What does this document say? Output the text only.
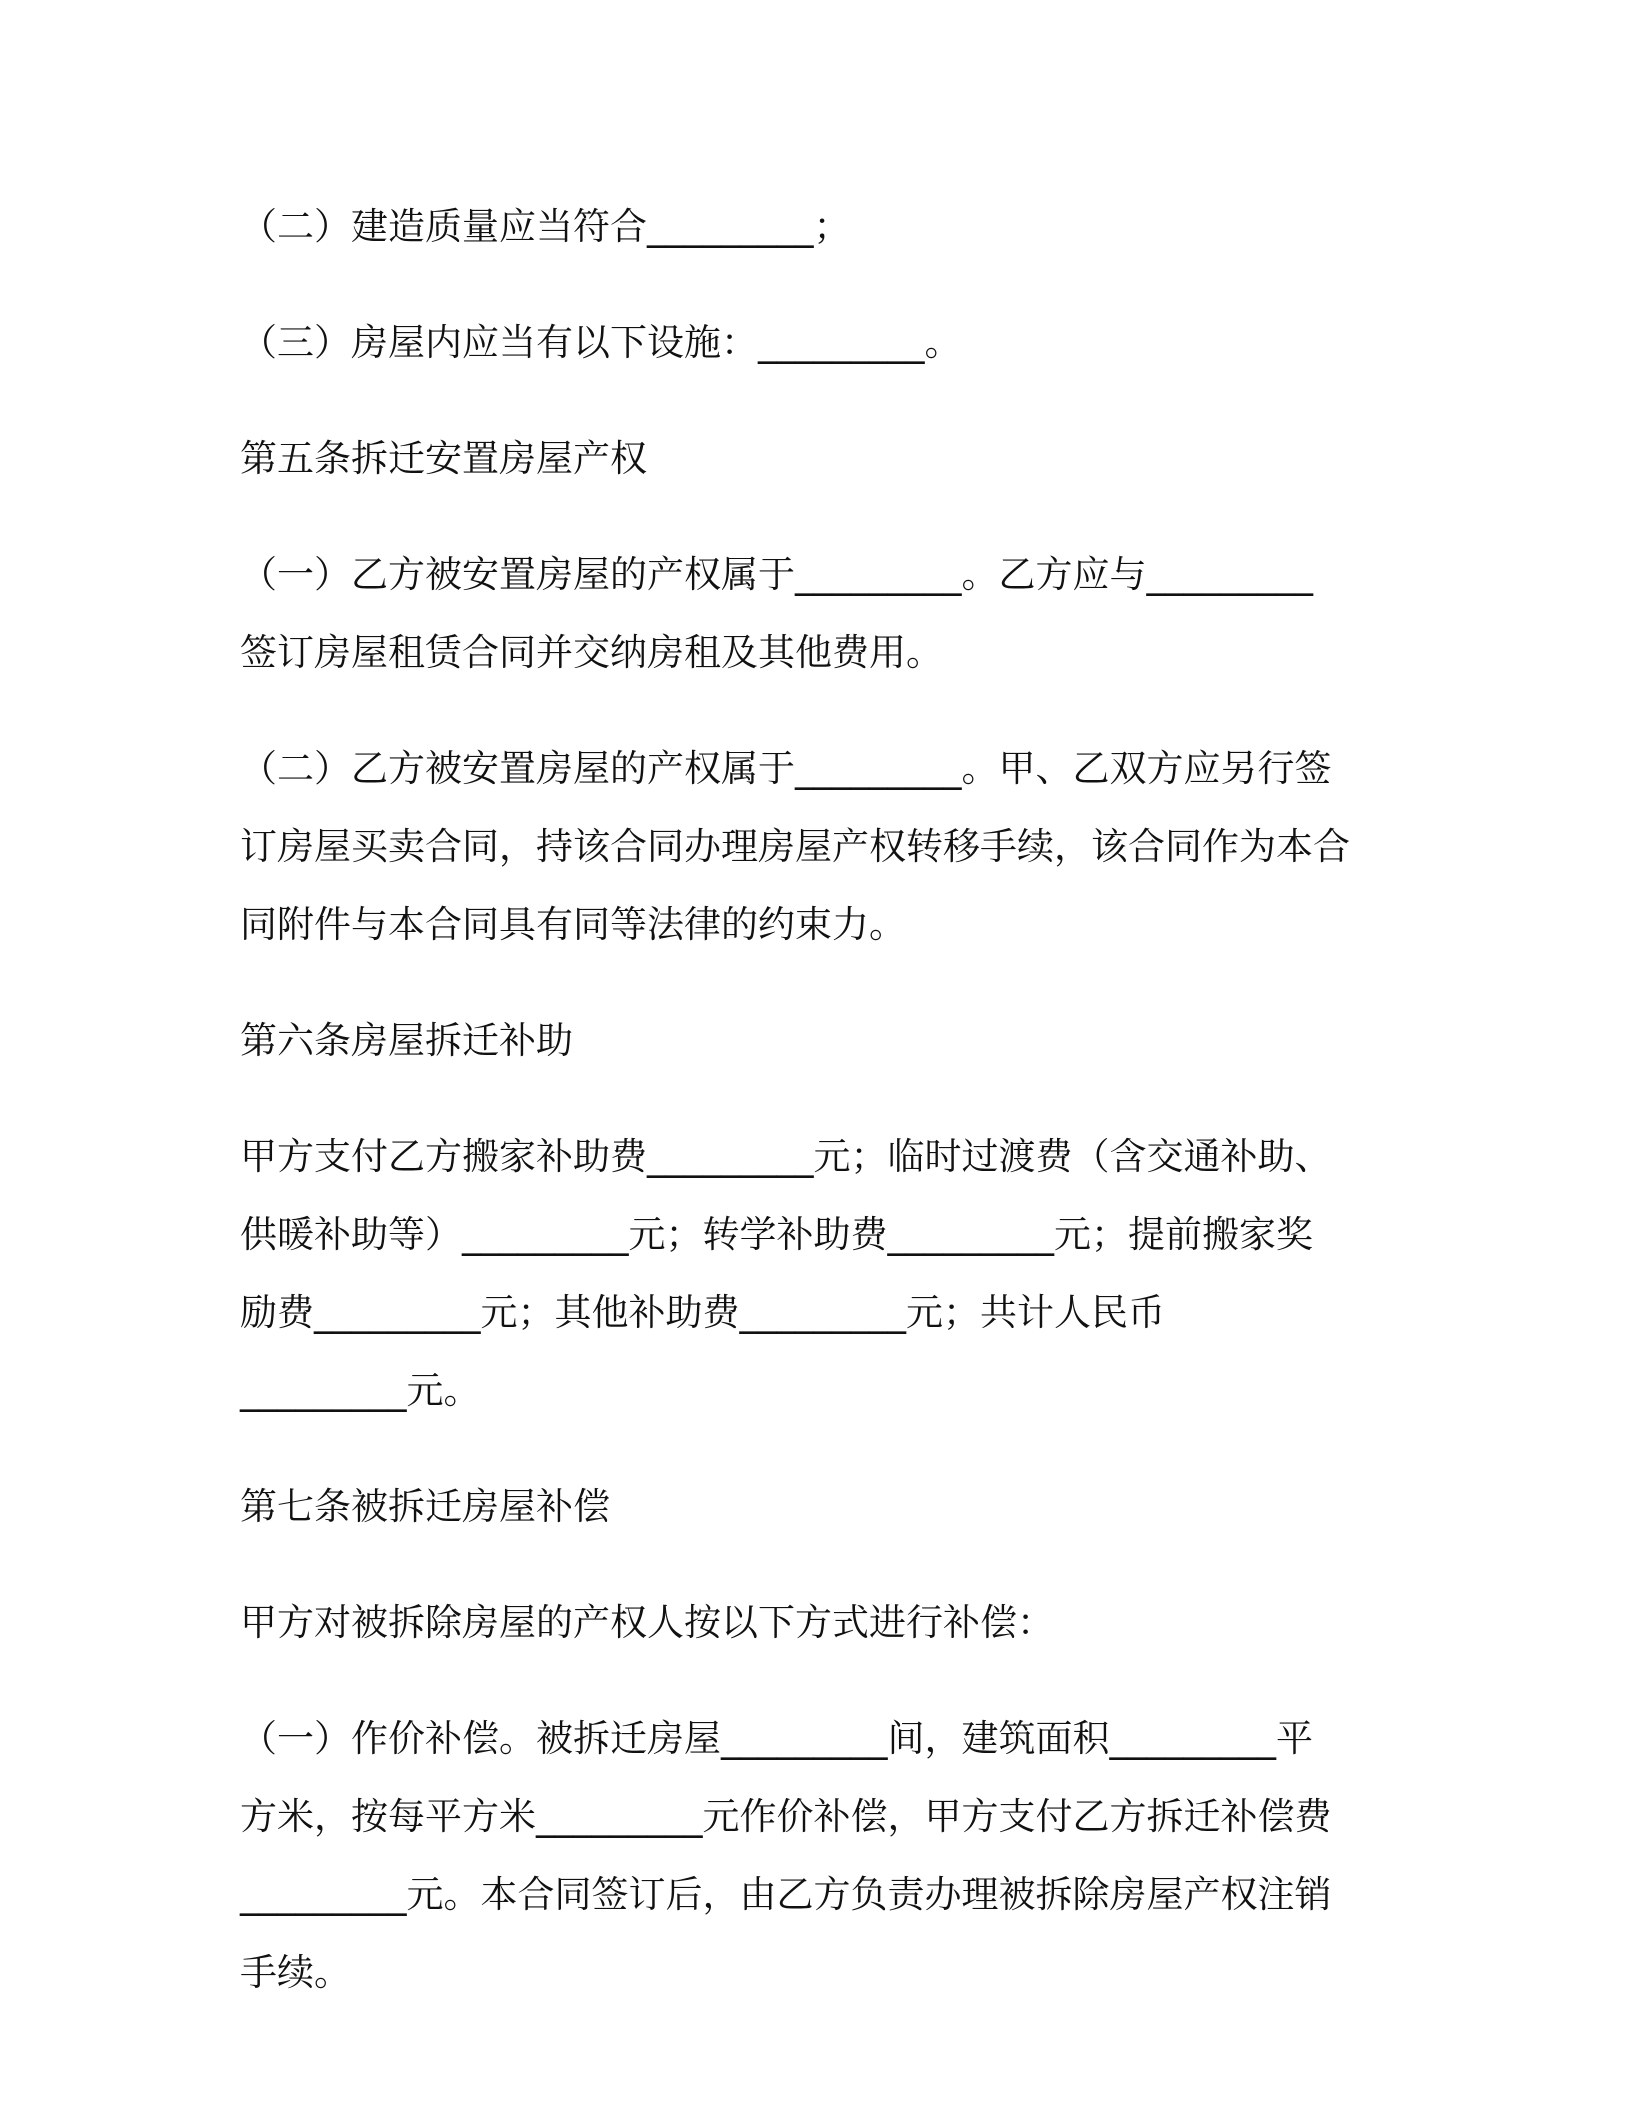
（二）建造质量应当符合_________；

（三）房屋内应当有以下设施：_________。

第五条拆迁安置房屋产权

（一）乙方被安置房屋的产权属于_________。乙方应与_________
签订房屋租赁合同并交纳房租及其他费用。

（二）乙方被安置房屋的产权属于_________。甲、乙双方应另行签
订房屋买卖合同，持该合同办理房屋产权转移手续，该合同作为本合
同附件与本合同具有同等法律的约束力。

第六条房屋拆迁补助

甲方支付乙方搬家补助费_________元；临时过渡费（含交通补助、
供暖补助等）_________元；转学补助费_________元；提前搬家奖
励费_________元；其他补助费_________元；共计人民币
_________元。

第七条被拆迁房屋补偿

甲方对被拆除房屋的产权人按以下方式进行补偿：

（一）作价补偿。被拆迁房屋_________间，建筑面积_________平
方米，按每平方米_________元作价补偿，甲方支付乙方拆迁补偿费
_________元。本合同签订后，由乙方负责办理被拆除房屋产权注销
手续。
